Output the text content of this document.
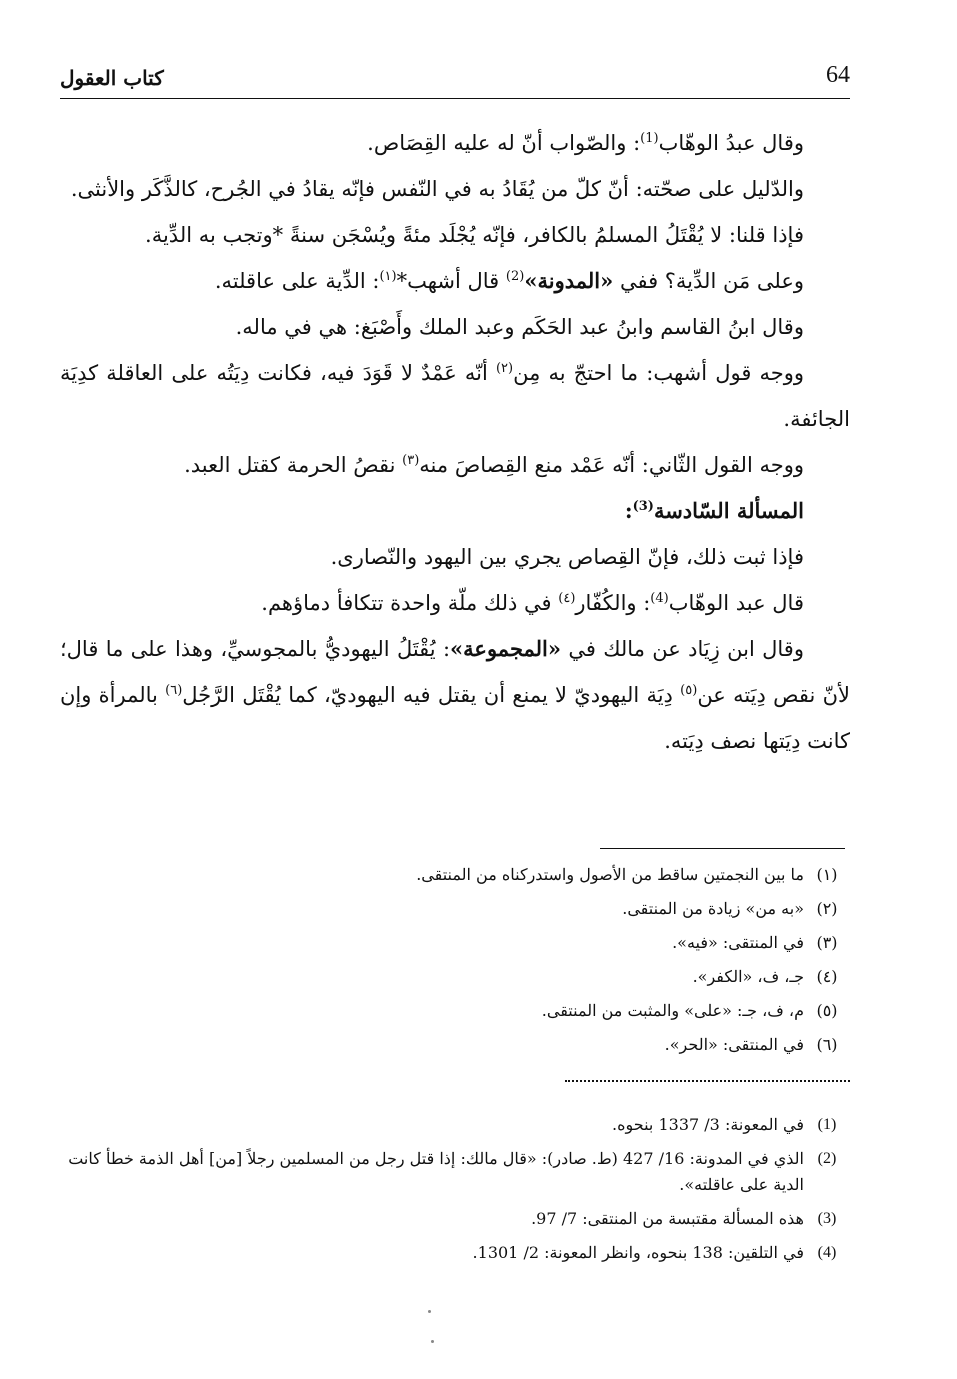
كتاب العقول	64

وقال عبدُ الوهّاب$^{(1)}$: والصّواب أنّ له عليه القِصَاص.

والدّليل على صحّته: أنّ كلّ من يُقَادُ به في النّفس فإنّه يقادُ في الجُرح، كالذَّكَر والأنثى.

فإذا قلنا: لا يُقْتَلُ المسلمُ بالكافر، فإنّه يُجْلَد مئةً ويُسْجَن سنةً *وتجب به الدِّية.

وعلى مَن الدِّية؟ ففي «المدونة»$^{(2)}$ قال أشهب*$^{(١)}$: الدِّية على عاقلته.

وقال ابنُ القاسم وابنُ عبد الحَكَم وعبد الملك وأَصْبَغ: هي في ماله.

ووجه قول أشهب: ما احتجّ به مِن$^{(٢)}$ أنّه عَمْدٌ لا قَوَدَ فيه، فكانت دِيَتُه على العاقلة كدِيَة الجائفة.

ووجه القول الثّاني: أنّه عَمْد منع القِصاصَ منه$^{(٣)}$ نقصُ الحرمة كقتل العبد.

المسألة السّادسة$^{(3)}$:

فإذا ثبت ذلك، فإنّ القِصاص يجري بين اليهود والنّصارى.

قال عبد الوهّاب$^{(4)}$: والكُفّار$^{(٤)}$ في ذلك ملّة واحدة تتكافأ دماؤهم.

وقال ابن زِيَاد عن مالك في «المجموعة»: يُقْتَلُ اليهوديُّ بالمجوسيِّ، وهذا على ما قال؛ لأنّ نقص دِيَته عن$^{(٥)}$ دِيَة اليهوديّ لا يمنع أن يقتل فيه اليهوديّ، كما يُقْتَل الرَّجُل$^{(٦)}$ بالمرأة وإن كانت دِيَتها نصف دِيَته.

(١)
ما بين النجمتين ساقط من الأصول واستدركناه من المنتقى.
(٢)
«به من» زيادة من المنتقى.
(٣)
في المنتقى: «فيه».
(٤)
جـ، ف، «الكفر».
(٥)
م، ف، جـ: «على» والمثبت من المنتقى.
(٦)
في المنتقى: «الحر».
(1)
في المعونة: 3/ 1337 بنحوه.
(2)
الذي في المدونة: 16/ 427 (ط. صادر): «قال مالك: إذا قتل رجل من المسلمين رجلاً [من] أهل الذمة خطأ كانت الدية على عاقلته».
(3)
هذه المسألة مقتبسة من المنتقى: 7/ 97.
(4)
في التلقين: 138 بنحوه، وانظر المعونة: 2/ 1301.
